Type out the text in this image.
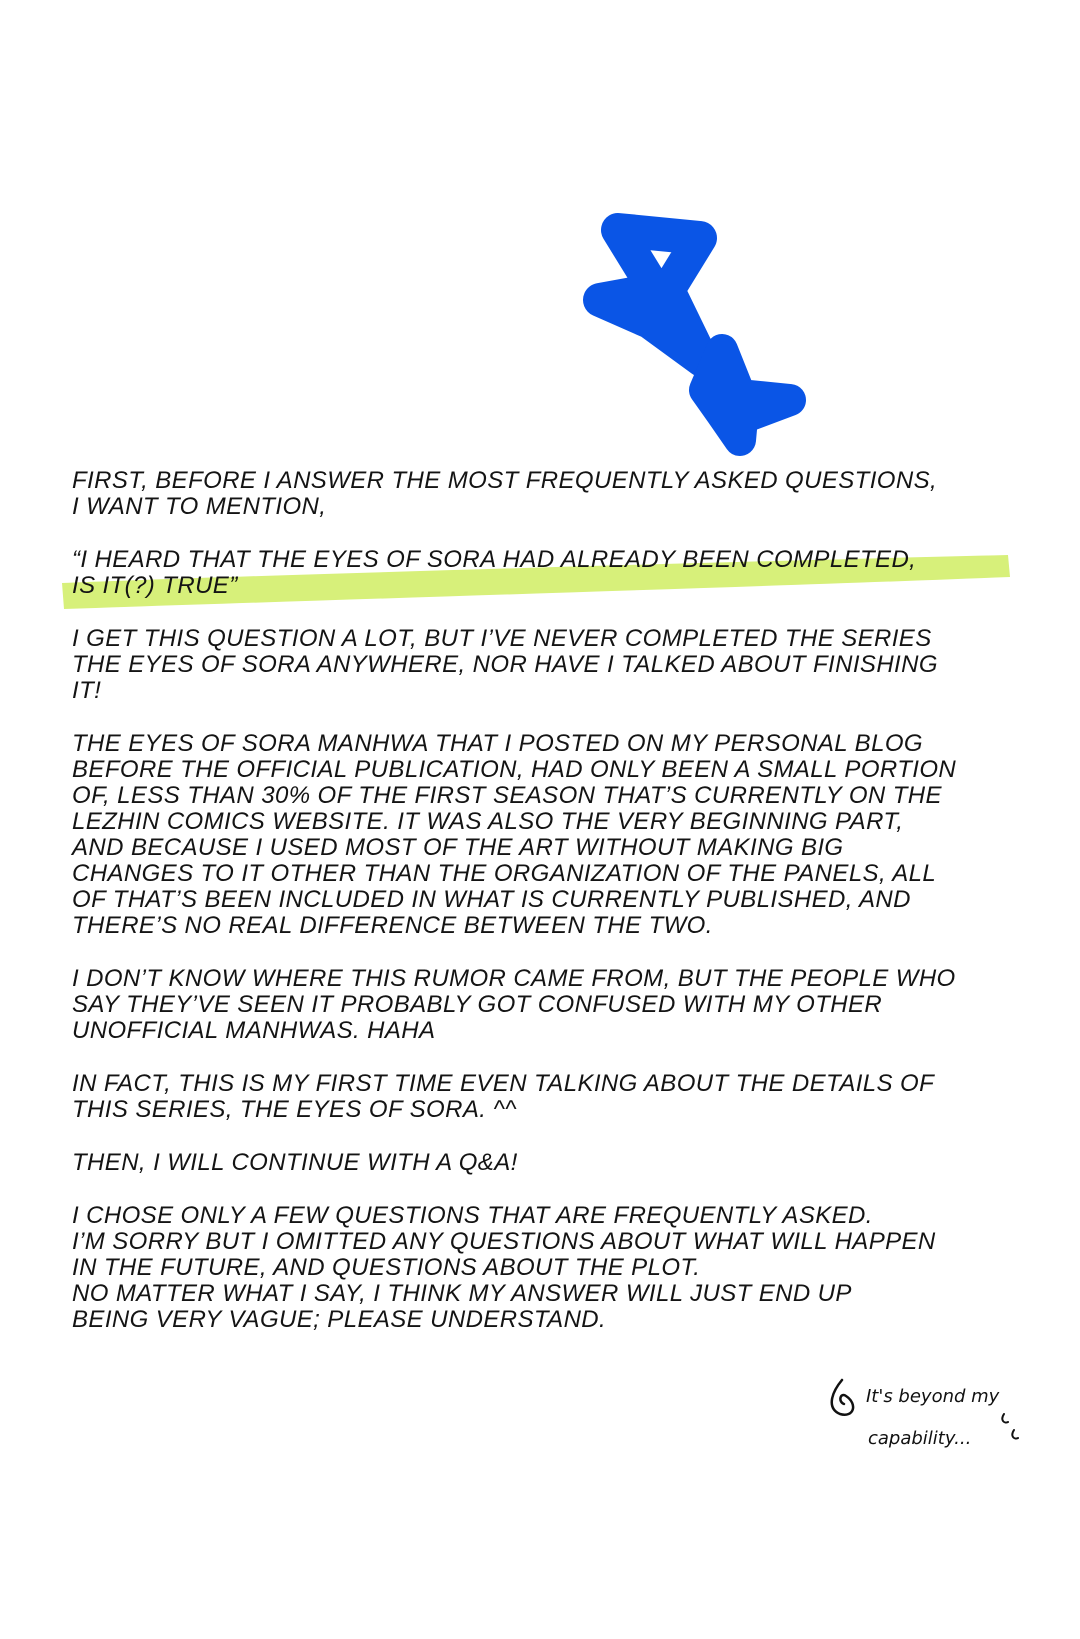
FIRST, BEFORE I ANSWER THE MOST FREQUENTLY ASKED QUESTIONS,
I WANT TO MENTION,
“I HEARD THAT THE EYES OF SORA HAD ALREADY BEEN COMPLETED,
IS IT(?) TRUE”
I GET THIS QUESTION A LOT, BUT I’VE NEVER COMPLETED THE SERIES
THE EYES OF SORA ANYWHERE, NOR HAVE I TALKED ABOUT FINISHING
IT!
THE EYES OF SORA MANHWA THAT I POSTED ON MY PERSONAL BLOG
BEFORE THE OFFICIAL PUBLICATION, HAD ONLY BEEN A SMALL PORTION
OF, LESS THAN 30% OF THE FIRST SEASON THAT’S CURRENTLY ON THE
LEZHIN COMICS WEBSITE. IT WAS ALSO THE VERY BEGINNING PART,
AND BECAUSE I USED MOST OF THE ART WITHOUT MAKING BIG
CHANGES TO IT OTHER THAN THE ORGANIZATION OF THE PANELS, ALL
OF THAT’S BEEN INCLUDED IN WHAT IS CURRENTLY PUBLISHED, AND
THERE’S NO REAL DIFFERENCE BETWEEN THE TWO.
I DON’T KNOW WHERE THIS RUMOR CAME FROM, BUT THE PEOPLE WHO
SAY THEY’VE SEEN IT PROBABLY GOT CONFUSED WITH MY OTHER
UNOFFICIAL MANHWAS. HAHA
IN FACT, THIS IS MY FIRST TIME EVEN TALKING ABOUT THE DETAILS OF
THIS SERIES, THE EYES OF SORA. ^^
THEN, I WILL CONTINUE WITH A Q&A!
I CHOSE ONLY A FEW QUESTIONS THAT ARE FREQUENTLY ASKED.
I’M SORRY BUT I OMITTED ANY QUESTIONS ABOUT WHAT WILL HAPPEN
IN THE FUTURE, AND QUESTIONS ABOUT THE PLOT.
NO MATTER WHAT I SAY, I THINK MY ANSWER WILL JUST END UP
BEING VERY VAGUE; PLEASE UNDERSTAND.
It's beyond my
capability...
